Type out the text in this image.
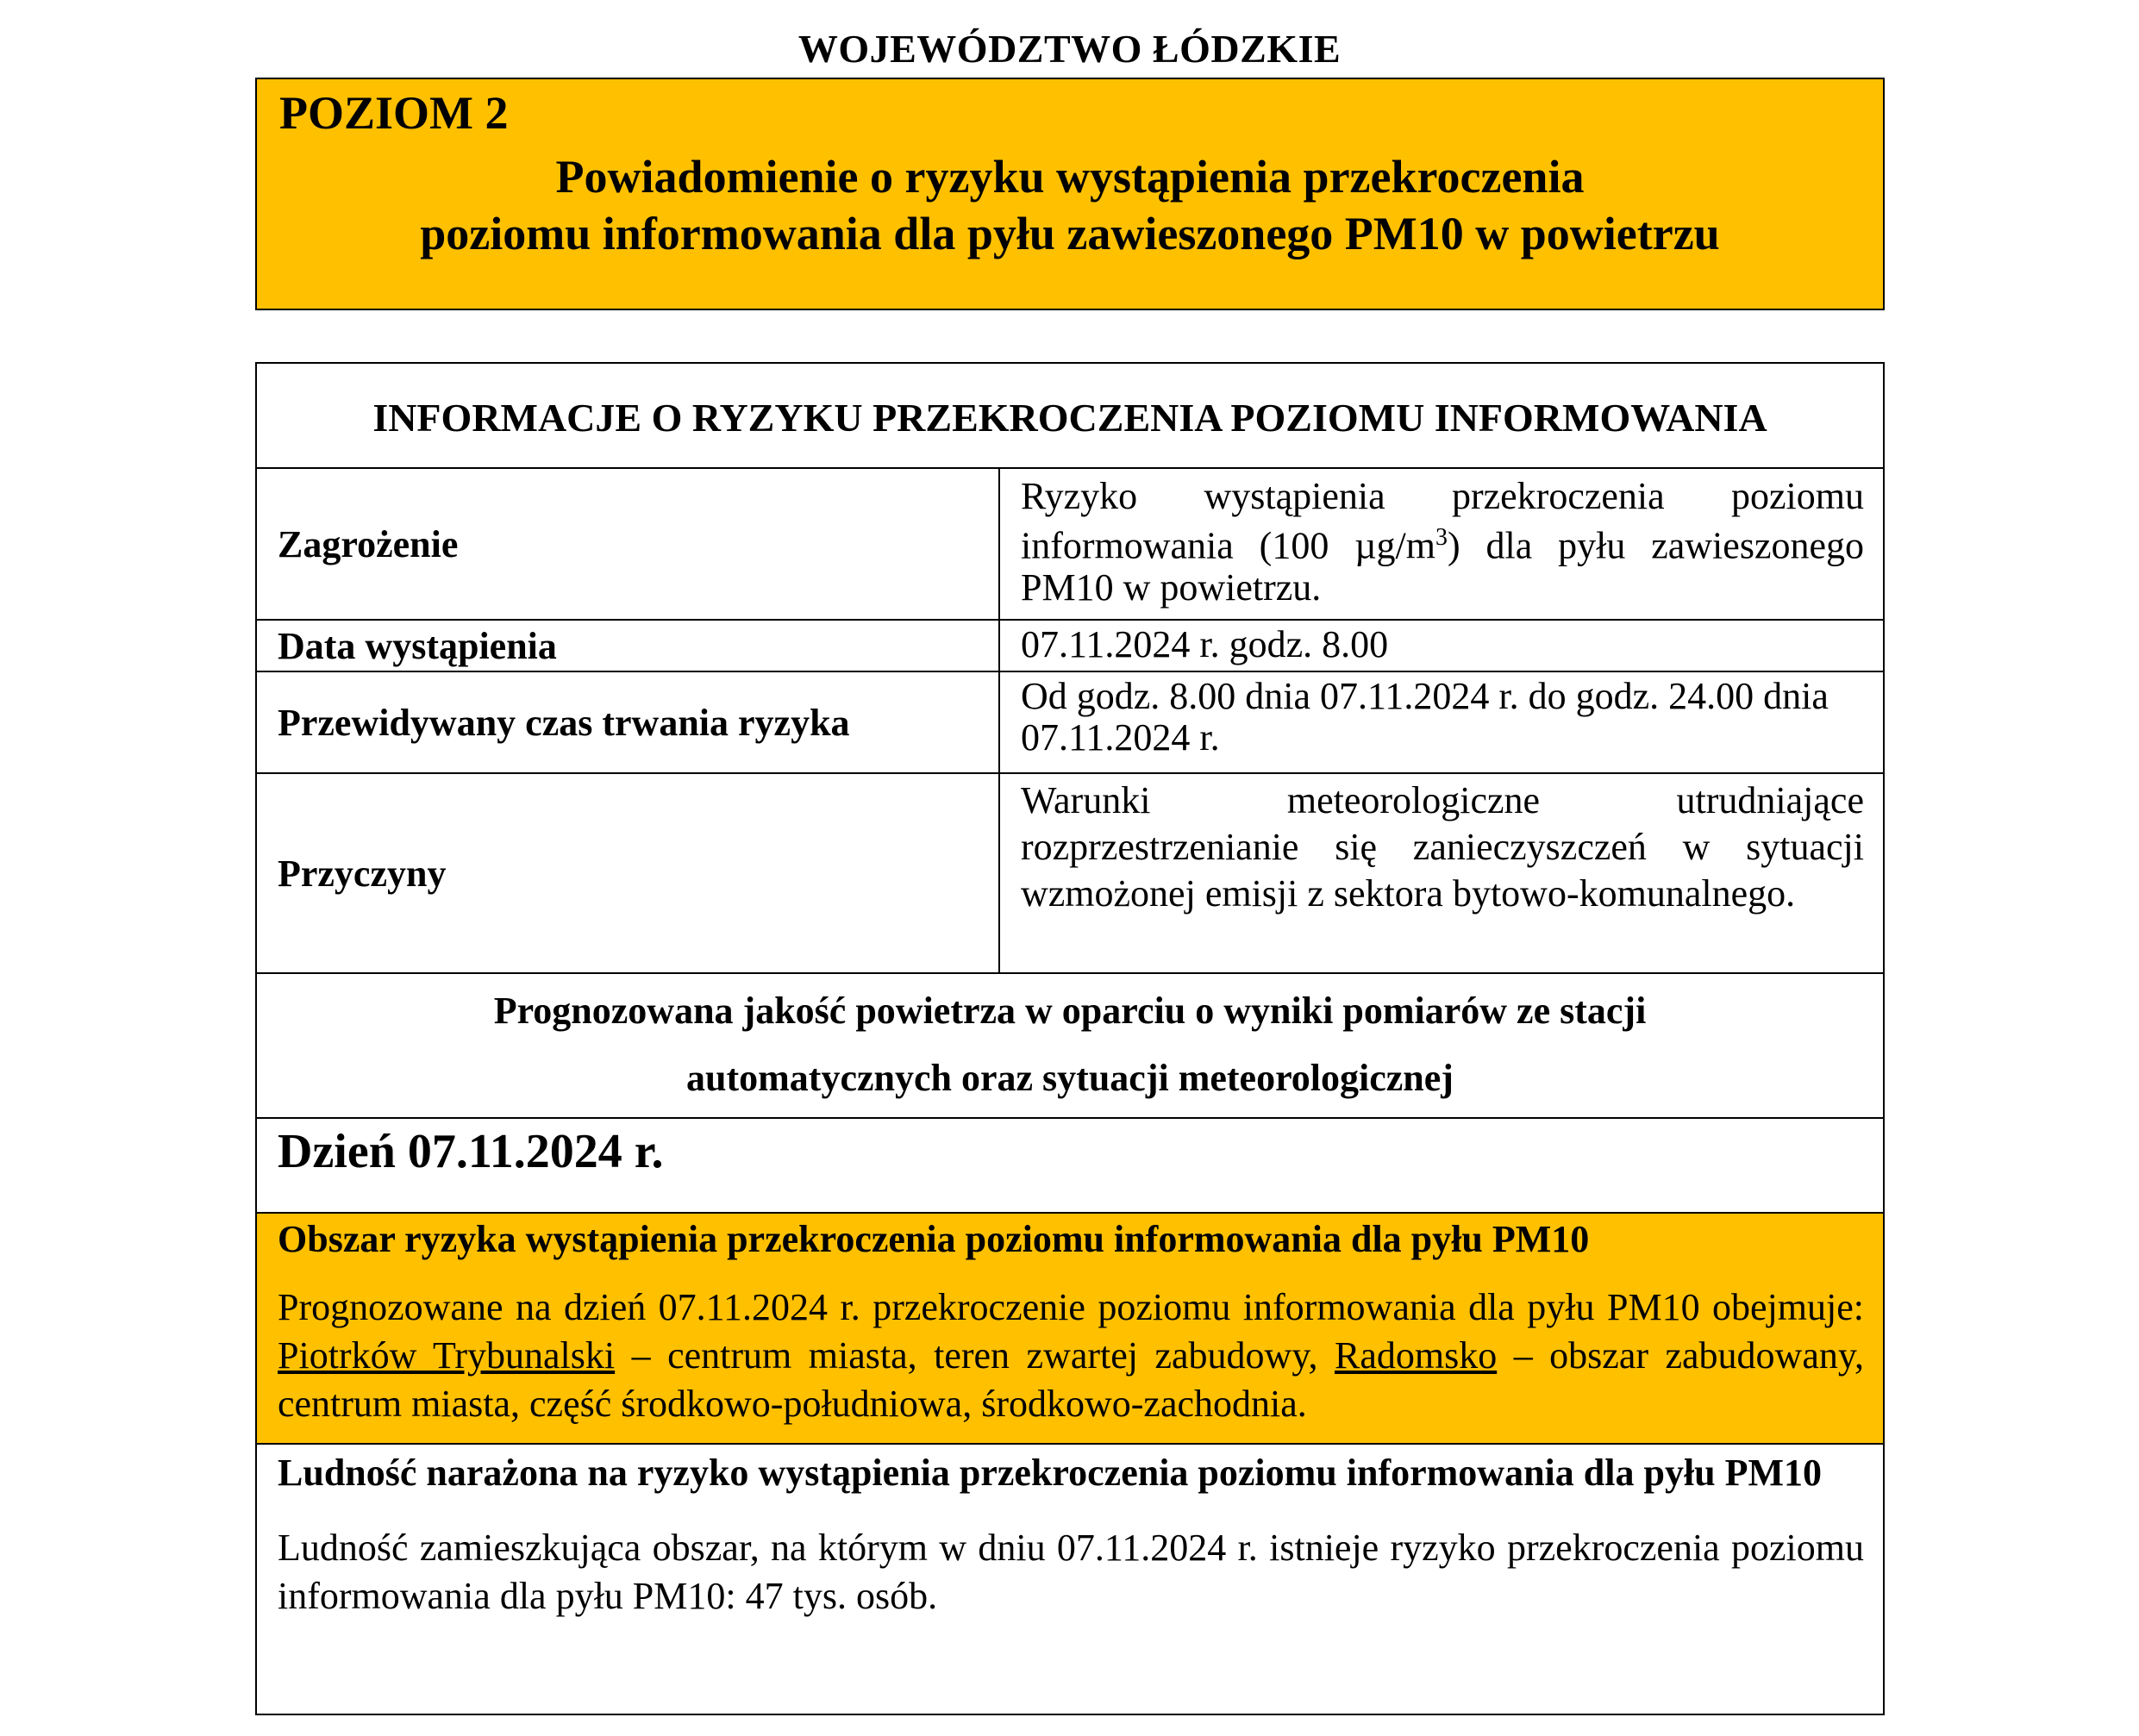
WOJEWÓDZTWO ŁÓDZKIE
POZIOM 2
Powiadomienie o ryzyku wystąpienia przekroczenia
poziomu informowania dla pyłu zawieszonego PM10 w powietrzu
INFORMACJE O RYZYKU PRZEKROCZENIA POZIOMU INFORMOWANIA
Zagrożenie
Ryzyko wystąpienia przekroczenia poziomu informowania (100 $\mu g/m^3$) dla pyłu zawieszonego PM10 w powietrzu.
Data wystąpienia	07.11.2024 r. godz. 8.00
Przewidywany czas trwania ryzyka
Od godz. 8.00 dnia 07.11.2024 r. do godz. 24.00 dnia 07.11.2024 r.
Przyczyny
Warunki meteorologiczne utrudniające rozprzestrzenianie się zanieczyszczeń w sytuacji wzmożonej emisji z sektora bytowo-komunalnego.
Prognozowana jakość powietrza w oparciu o wyniki pomiarów ze stacji
automatycznych oraz sytuacji meteorologicznej
Dzień 07.11.2024 r.
Obszar ryzyka wystąpienia przekroczenia poziomu informowania dla pyłu PM10
Prognozowane na dzień 07.11.2024 r. przekroczenie poziomu informowania dla pyłu PM10 obejmuje: Piotrków Trybunalski – centrum miasta, teren zwartej zabudowy, Radomsko – obszar zabudowany, centrum miasta, część środkowo-południowa, środkowo-zachodnia.
Ludność narażona na ryzyko wystąpienia przekroczenia poziomu informowania dla pyłu PM10
Ludność zamieszkująca obszar, na którym w dniu 07.11.2024 r. istnieje ryzyko przekroczenia poziomu informowania dla pyłu PM10: 47 tys. osób.
